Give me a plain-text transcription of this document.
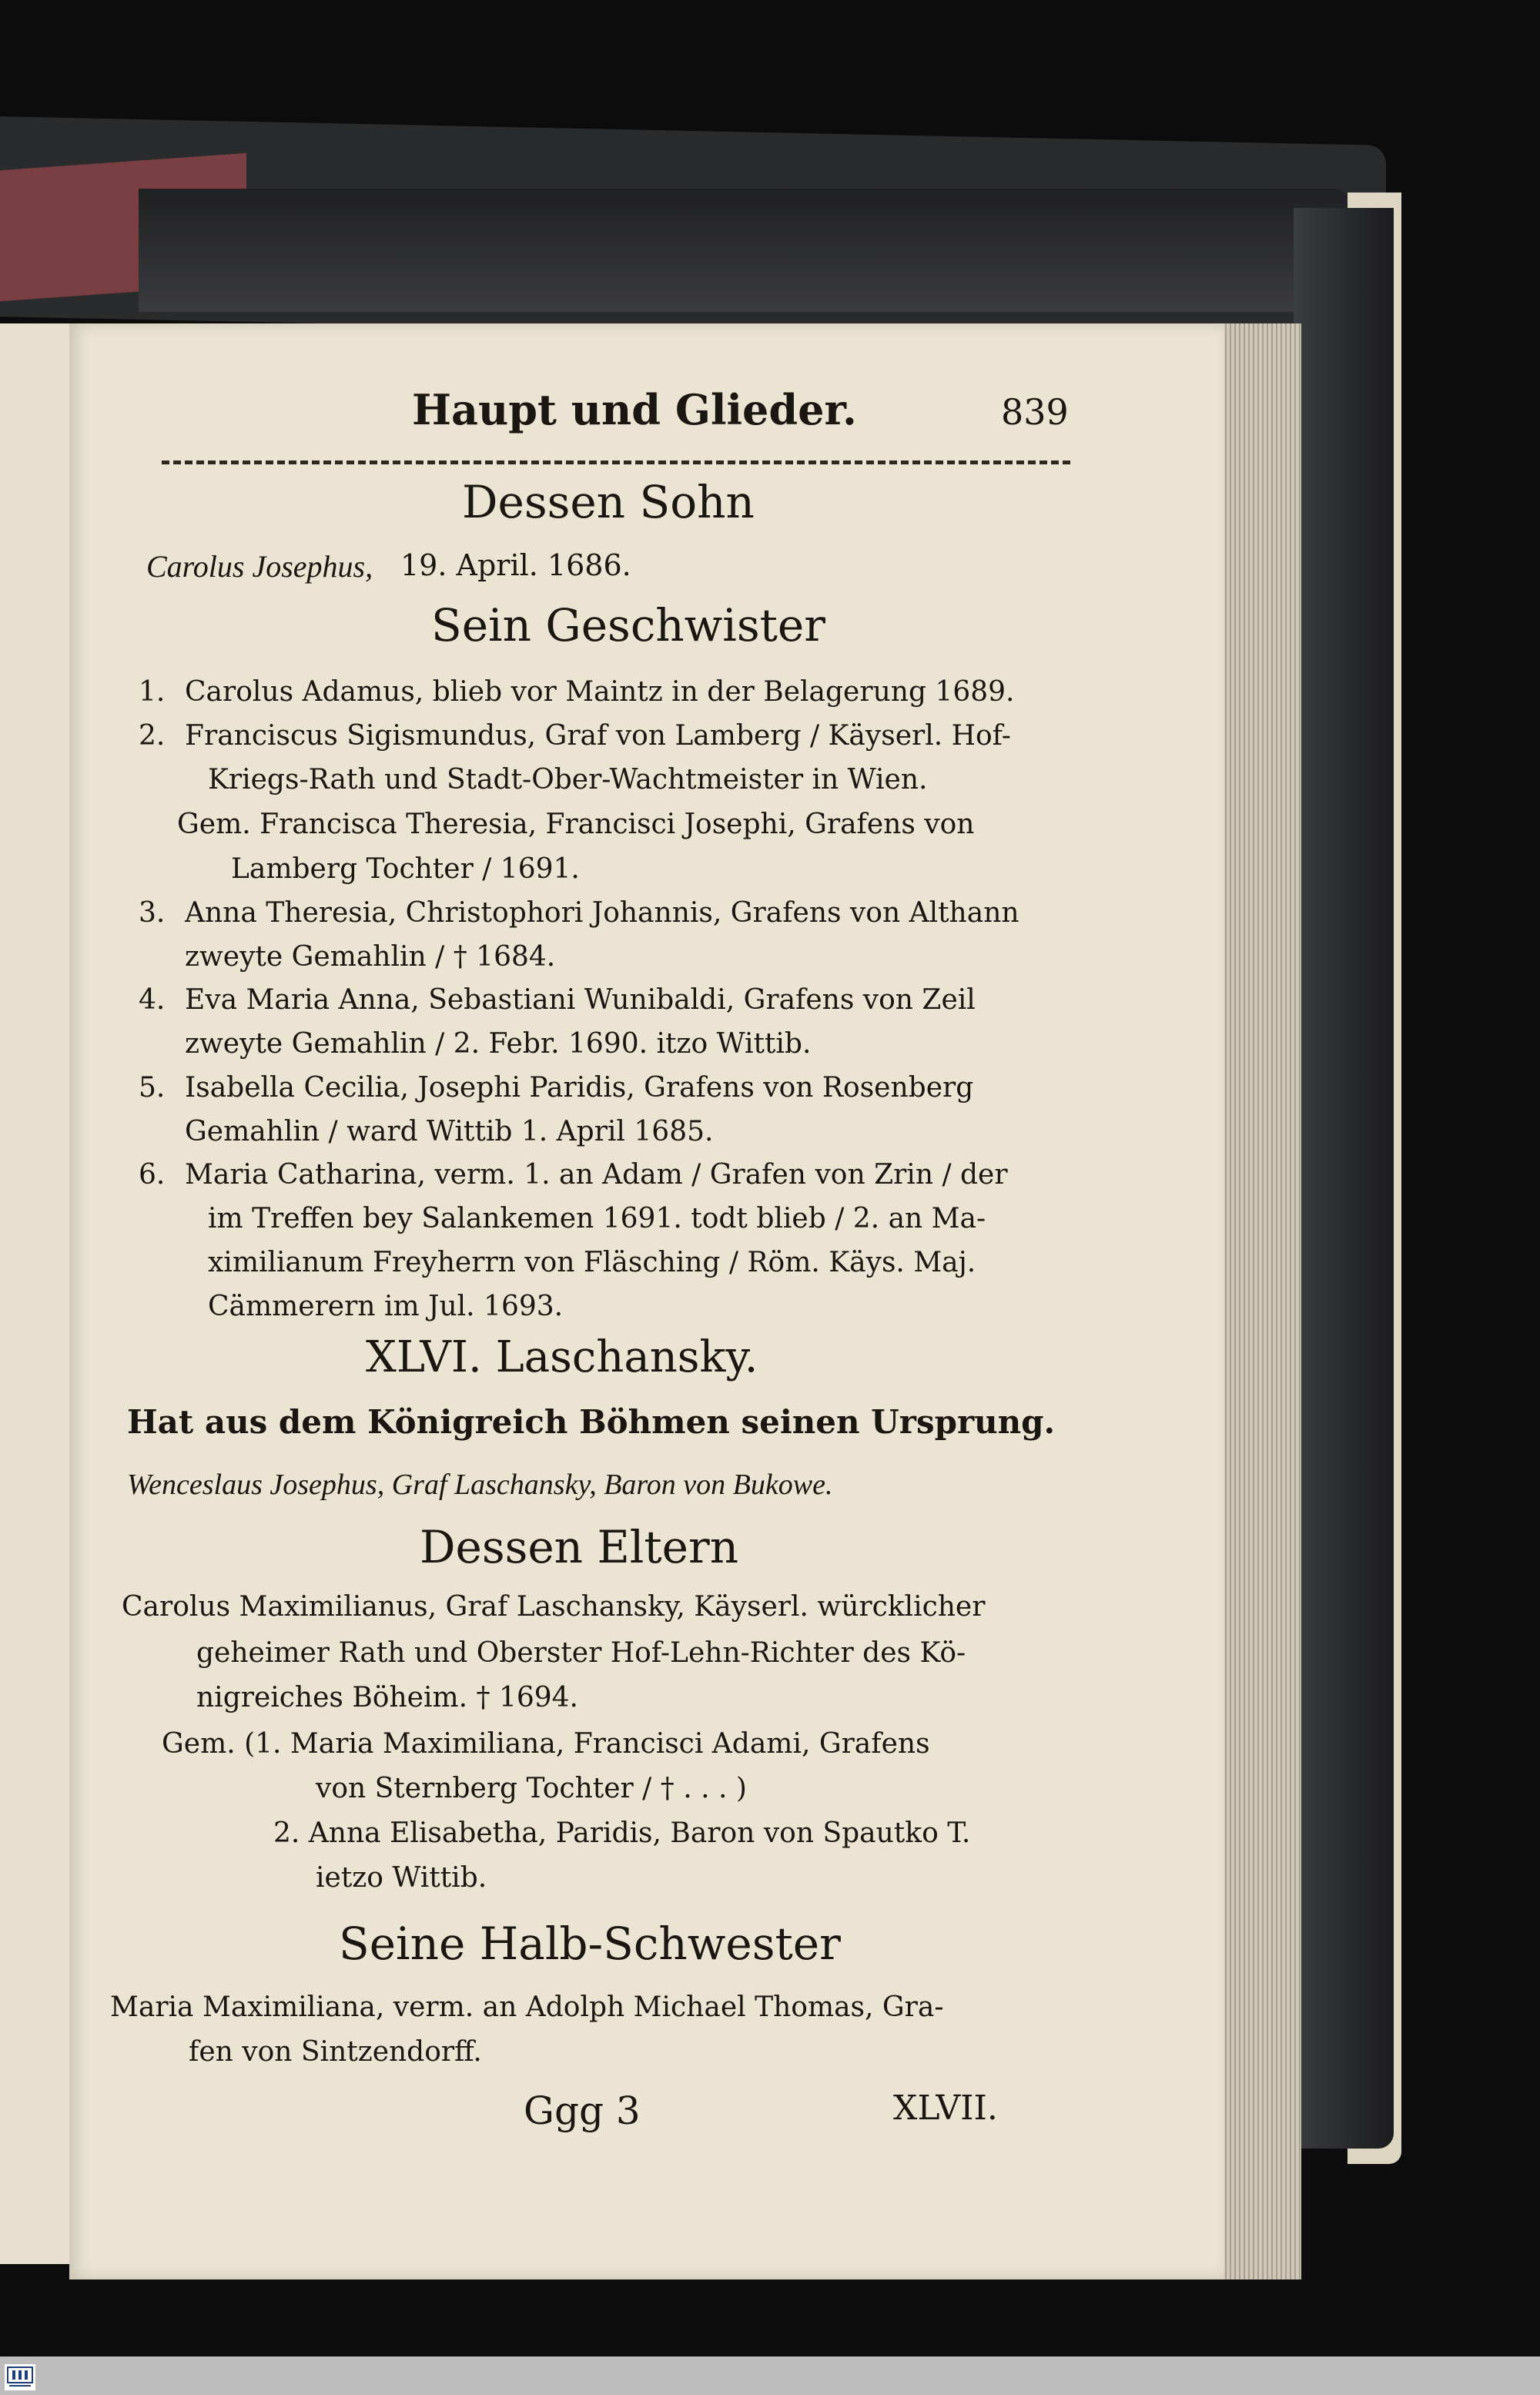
Haupt und Glieder.	839
Dessen Sohn
Carolus Josephus, 19. April. 1686.
Sein Geschwister
1. Carolus Adamus, blieb vor Maintz in der Belagerung 1689.
2. Franciscus Sigismundus, Graf von Lamberg / Käyserl. Hof-
Kriegs-Rath und Stadt-Ober-Wachtmeister in Wien.
Gem. Francisca Theresia, Francisci Josephi, Grafens von
Lamberg Tochter / 1691.
3. Anna Theresia, Christophori Johannis, Grafens von Althann
zweyte Gemahlin / † 1684.
4. Eva Maria Anna, Sebastiani Wunibaldi, Grafens von Zeil
zweyte Gemahlin / 2. Febr. 1690. itzo Wittib.
5. Isabella Cecilia, Josephi Paridis, Grafens von Rosenberg
Gemahlin / ward Wittib 1. April 1685.
6. Maria Catharina, verm. 1. an Adam / Grafen von Zrin / der
im Treffen bey Salankemen 1691. todt blieb / 2. an Ma-
ximilianum Freyherrn von Fläsching / Röm. Käys. Maj.
Cämmerern im Jul. 1693.
XLVI. Laschansky.
Hat aus dem Königreich Böhmen seinen Ursprung.
Wenceslaus Josephus, Graf Laschansky, Baron von Bukowe.
Dessen Eltern
Carolus Maximilianus, Graf Laschansky, Käyserl. würcklicher
geheimer Rath und Oberster Hof-Lehn-Richter des Kö-
nigreiches Böheim. † 1694.
Gem. (1. Maria Maximiliana, Francisci Adami, Grafens
von Sternberg Tochter / † . . . )
2. Anna Elisabetha, Paridis, Baron von Spautko T.
ietzo Wittib.
Seine Halb-Schwester
Maria Maximiliana, verm. an Adolph Michael Thomas, Gra-
fen von Sintzendorff.
Ggg 3	XLVII.
